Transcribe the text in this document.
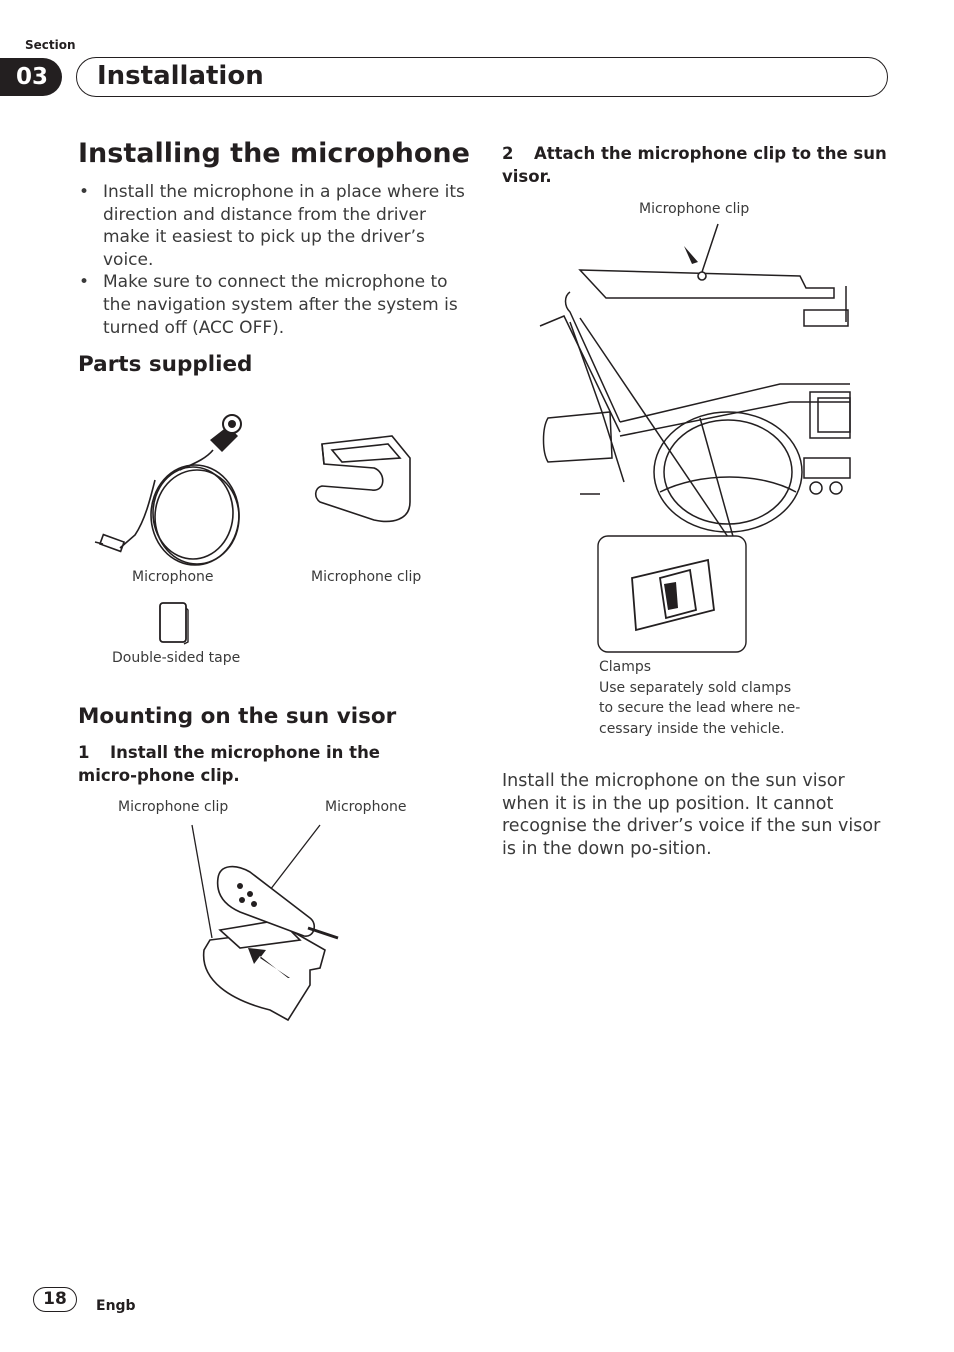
Section
03	Installation
Installing the microphone
• Install the microphone in a place where its direction and distance from the driver make it easiest to pick up the driver’s voice.
• Make sure to connect the microphone to the navigation system after the system is turned off (ACC OFF).
Parts supplied
Microphone	Microphone clip
Double-sided tape
Mounting on the sun visor
1 Install the microphone in the micro-phone clip.
Microphone clip	Microphone
2 Attach the microphone clip to the sun visor.
Microphone clip
Clamps
Use separately sold clamps to secure the lead where ne-cessary inside the vehicle.
Install the microphone on the sun visor when it is in the up position. It cannot recognise the driver’s voice if the sun visor is in the down po-sition.
18	Engb
